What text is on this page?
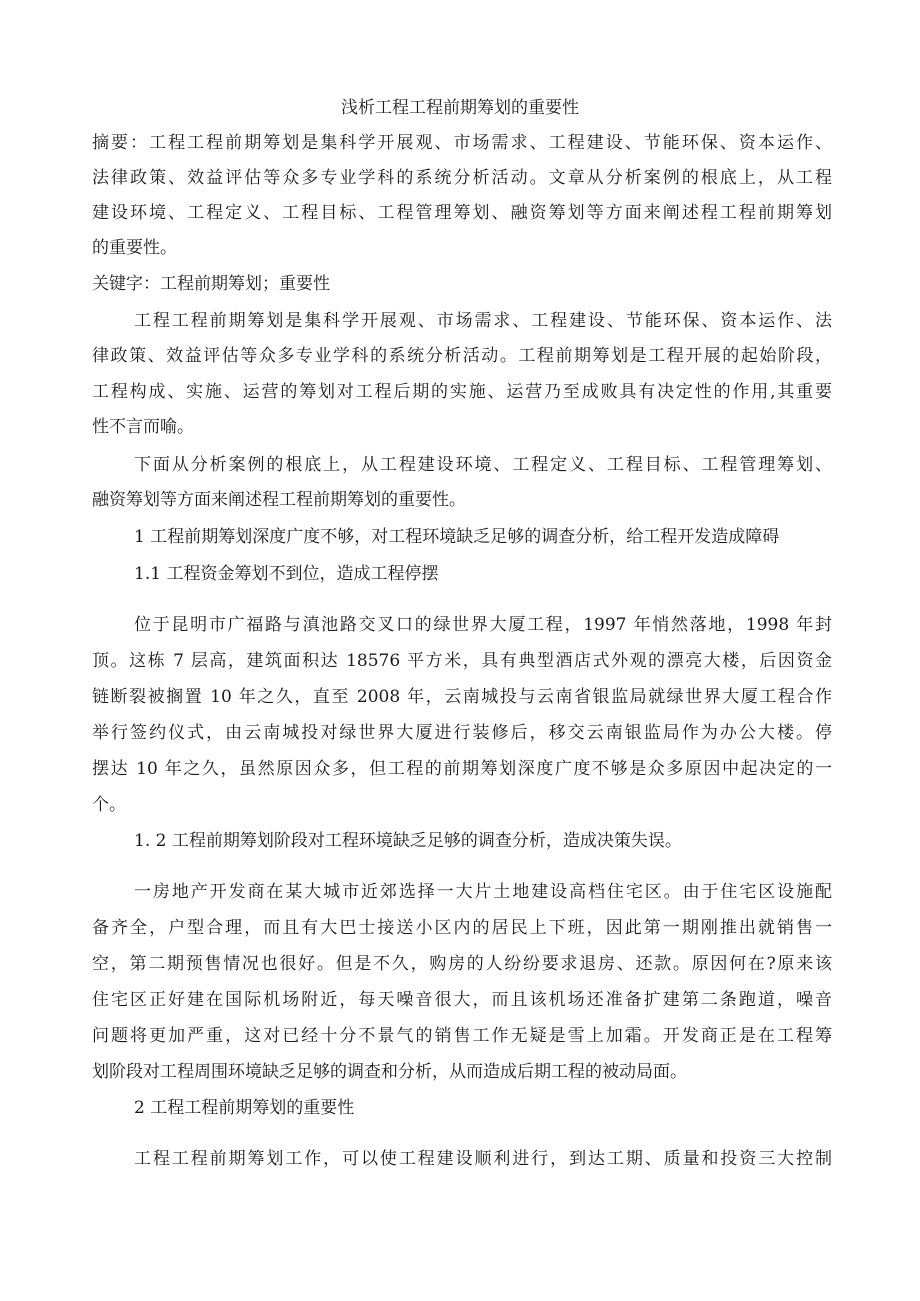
浅析工程工程前期筹划的重要性
摘要：工程工程前期筹划是集科学开展观、市场需求、工程建设、节能环保、资本运作、
法律政策、效益评估等众多专业学科的系统分析活动。文章从分析案例的根底上，从工程
建设环境、工程定义、工程目标、工程管理筹划、融资筹划等方面来阐述程工程前期筹划
的重要性。
关键字：工程前期筹划；重要性
工程工程前期筹划是集科学开展观、市场需求、工程建设、节能环保、资本运作、法
律政策、效益评估等众多专业学科的系统分析活动。工程前期筹划是工程开展的起始阶段，
工程构成、实施、运营的筹划对工程后期的实施、运营乃至成败具有决定性的作用,其重要
性不言而喻。
下面从分析案例的根底上，从工程建设环境、工程定义、工程目标、工程管理筹划、
融资筹划等方面来阐述程工程前期筹划的重要性。
1 工程前期筹划深度广度不够，对工程环境缺乏足够的调查分析，给工程开发造成障碍
1.1 工程资金筹划不到位，造成工程停摆
位于昆明市广福路与滇池路交叉口的绿世界大厦工程，1997 年悄然落地，1998 年封
顶。这栋 7 层高，建筑面积达 18576 平方米，具有典型酒店式外观的漂亮大楼，后因资金
链断裂被搁置 10 年之久，直至 2008 年，云南城投与云南省银监局就绿世界大厦工程合作
举行签约仪式，由云南城投对绿世界大厦进行装修后，移交云南银监局作为办公大楼。停
摆达 10 年之久，虽然原因众多，但工程的前期筹划深度广度不够是众多原因中起决定的一
个。
1. 2 工程前期筹划阶段对工程环境缺乏足够的调查分析，造成决策失误。
一房地产开发商在某大城市近郊选择一大片土地建设高档住宅区。由于住宅区设施配
备齐全，户型合理，而且有大巴士接送小区内的居民上下班，因此第一期刚推出就销售一
空，第二期预售情况也很好。但是不久，购房的人纷纷要求退房、还款。原因何在?原来该
住宅区正好建在国际机场附近，每天噪音很大，而且该机场还准备扩建第二条跑道，噪音
问题将更加严重，这对已经十分不景气的销售工作无疑是雪上加霜。开发商正是在工程筹
划阶段对工程周围环境缺乏足够的调查和分析，从而造成后期工程的被动局面。
2 工程工程前期筹划的重要性
工程工程前期筹划工作，可以使工程建设顺利进行，到达工期、质量和投资三大控制
